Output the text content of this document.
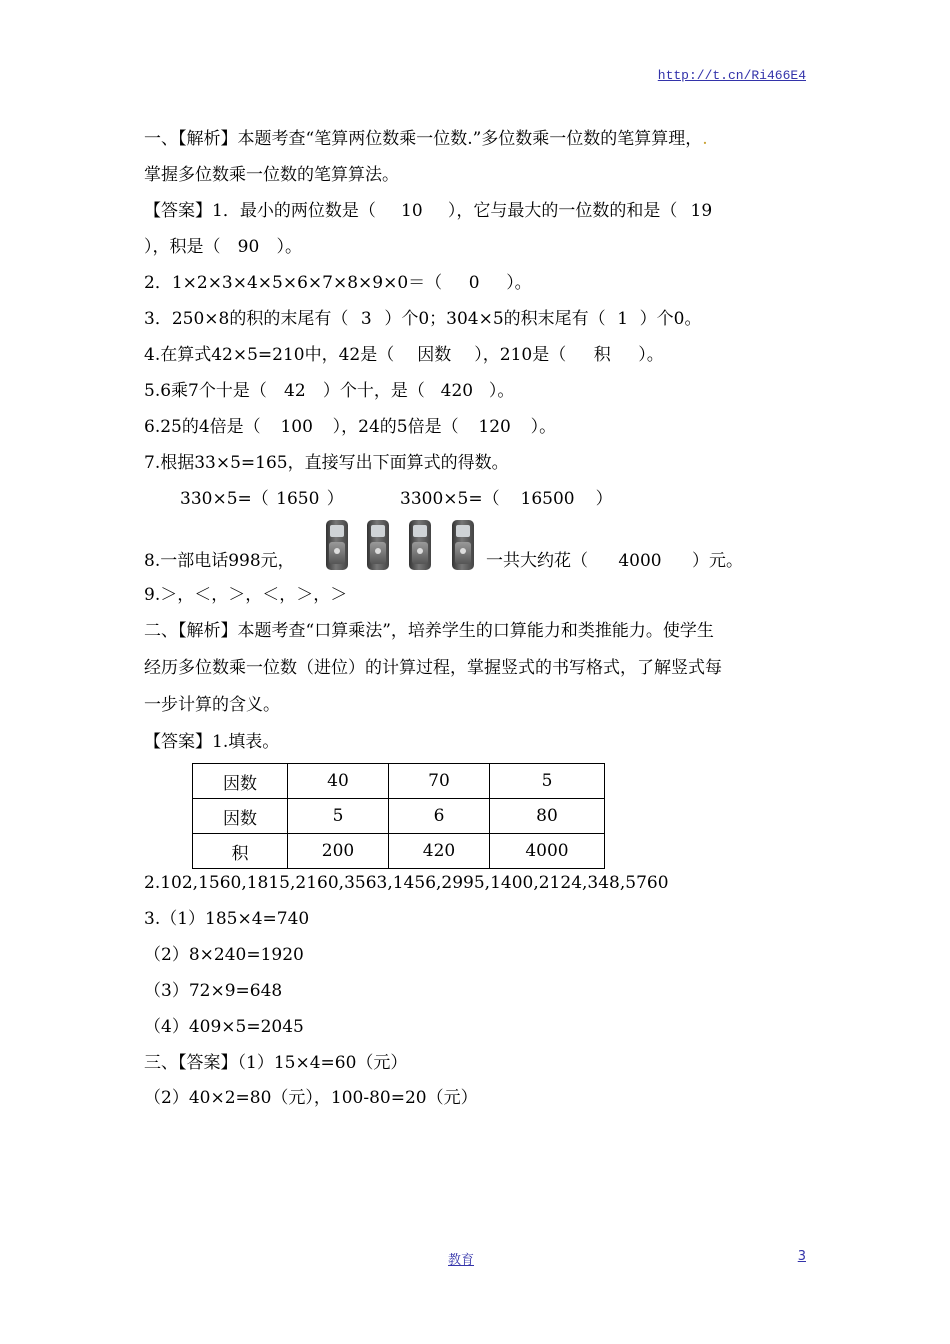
http://t.cn/Ri466E4
一、【解析】本题考查“笔算两位数乘一位数.”多位数乘一位数的笔算算理，.
掌握多位数乘一位数的笔算算法。
【答案】1．最小的两位数是（ 10 ），它与最大的一位数的和是（ 19
），积是（ 90 ）。
2．1×2×3×4×5×6×7×8×9×0＝（ 0 ）。
3．250×8的积的末尾有（ 3 ）个0；304×5的积末尾有（ 1 ）个0。
4.在算式42×5=210中，42是（ 因数 ），210是（ 积 ）。
5.6乘7个十是（ 42 ）个十，是（ 420 ）。
6.25的4倍是（ 100 ），24的5倍是（ 120 ）。
7.根据33×5=165，直接写出下面算式的得数。
330×5=（ 1650 ）	3300×5=（ 16500 ）
8.一部电话998元，	一共大约花（ 4000 ）元。
9.＞，＜，＞，＜，＞，＞
二、【解析】本题考查“口算乘法”，培养学生的口算能力和类推能力。使学生
经历多位数乘一位数（进位）的计算过程，掌握竖式的书写格式，了解竖式每
一步计算的含义。
【答案】1.填表。
因数	40	70	5
因数	5	6	80
积	200	420	4000
2.102,1560,1815,2160,3563,1456,2995,1400,2124,348,5760
3.（1）185×4=740
（2）8×240=1920
（3）72×9=648
（4）409×5=2045
三、【答案】（1）15×4=60（元）
（2）40×2=80（元），100-80=20（元）
教育	3
